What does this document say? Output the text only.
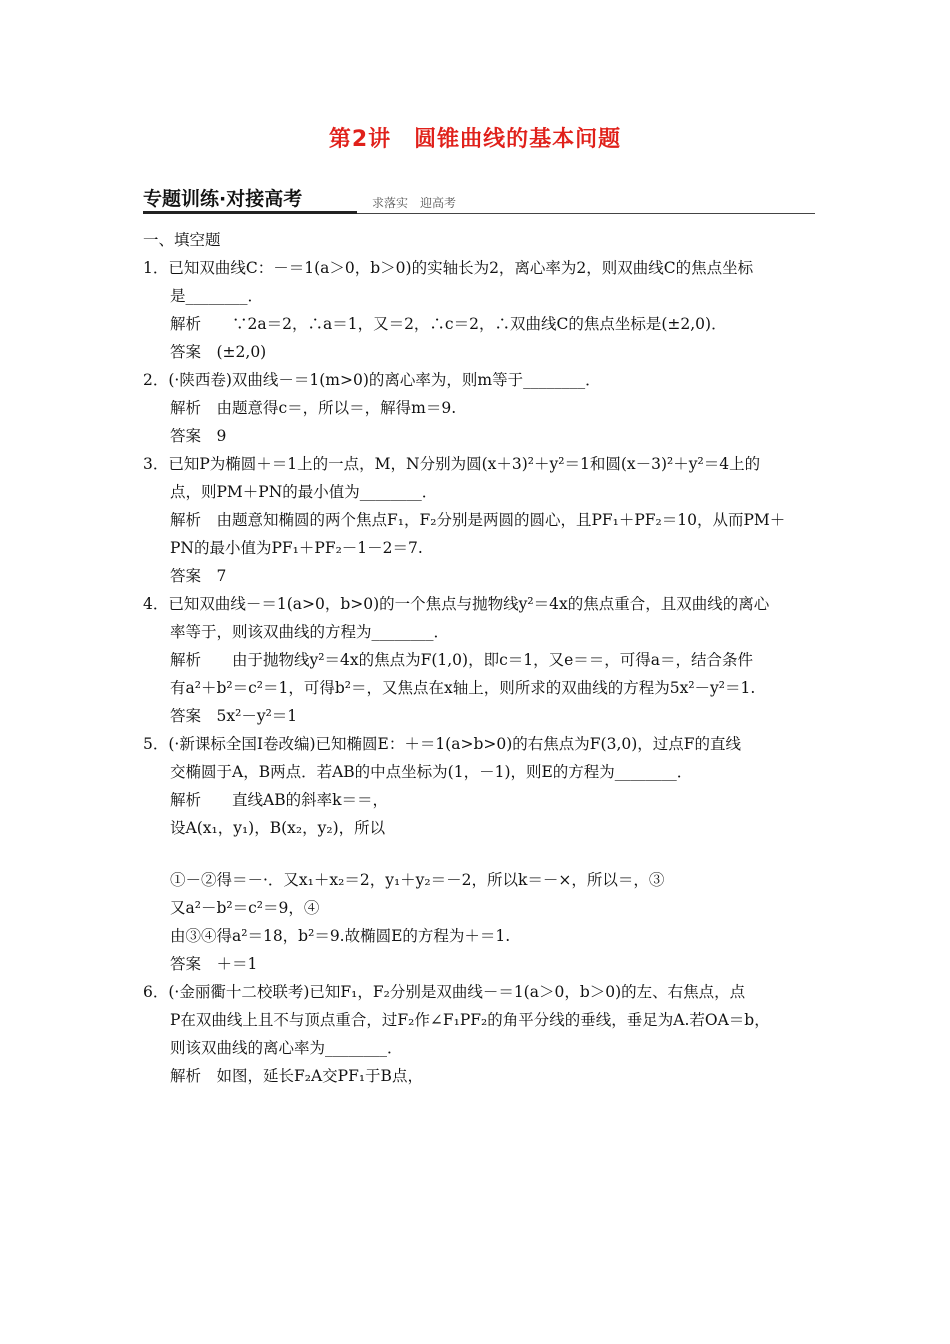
第2讲　圆锥曲线的基本问题
专题训练·对接高考	求落实　迎高考
一、填空题
1．已知双曲线C：－＝1(a＞0，b＞0)的实轴长为2，离心率为2，则双曲线C的焦点坐标
是________．
解析　　∵2a＝2，∴a＝1，又＝2，∴c＝2，∴双曲线C的焦点坐标是(±2,0)．
答案　(±2,0)
2．(·陕西卷)双曲线－＝1(m>0)的离心率为，则m等于________．
解析　由题意得c＝，所以＝，解得m＝9.
答案　9
3．已知P为椭圆＋＝1上的一点，M，N分别为圆(x＋3)²＋y²＝1和圆(x－3)²＋y²＝4上的
点，则PM＋PN的最小值为________．
解析　由题意知椭圆的两个焦点F₁，F₂分别是两圆的圆心，且PF₁＋PF₂＝10，从而PM＋
PN的最小值为PF₁＋PF₂－1－2＝7.
答案　7
4．已知双曲线－＝1(a>0，b>0)的一个焦点与抛物线y²＝4x的焦点重合，且双曲线的离心
率等于，则该双曲线的方程为________．
解析　　由于抛物线y²＝4x的焦点为F(1,0)，即c＝1，又e＝＝，可得a＝，结合条件
有a²＋b²＝c²＝1，可得b²＝，又焦点在x轴上，则所求的双曲线的方程为5x²－y²＝1.
答案　5x²－y²＝1
5．(·新课标全国Ⅰ卷改编)已知椭圆E：＋＝1(a>b>0)的右焦点为F(3,0)，过点F的直线
交椭圆于A，B两点．若AB的中点坐标为(1，－1)，则E的方程为________．
解析　　直线AB的斜率k＝＝，
设A(x₁，y₁)，B(x₂，y₂)，所以
①－②得＝－·．又x₁＋x₂＝2，y₁＋y₂＝－2，所以k＝－×，所以＝，③
又a²－b²＝c²＝9，④
由③④得a²＝18，b²＝9.故椭圆E的方程为＋＝1.
答案　＋＝1
6．(·金丽衢十二校联考)已知F₁，F₂分别是双曲线－＝1(a＞0，b＞0)的左、右焦点，点
P在双曲线上且不与顶点重合，过F₂作∠F₁PF₂的角平分线的垂线，垂足为A.若OA＝b，
则该双曲线的离心率为________．
解析　如图，延长F₂A交PF₁于B点，
